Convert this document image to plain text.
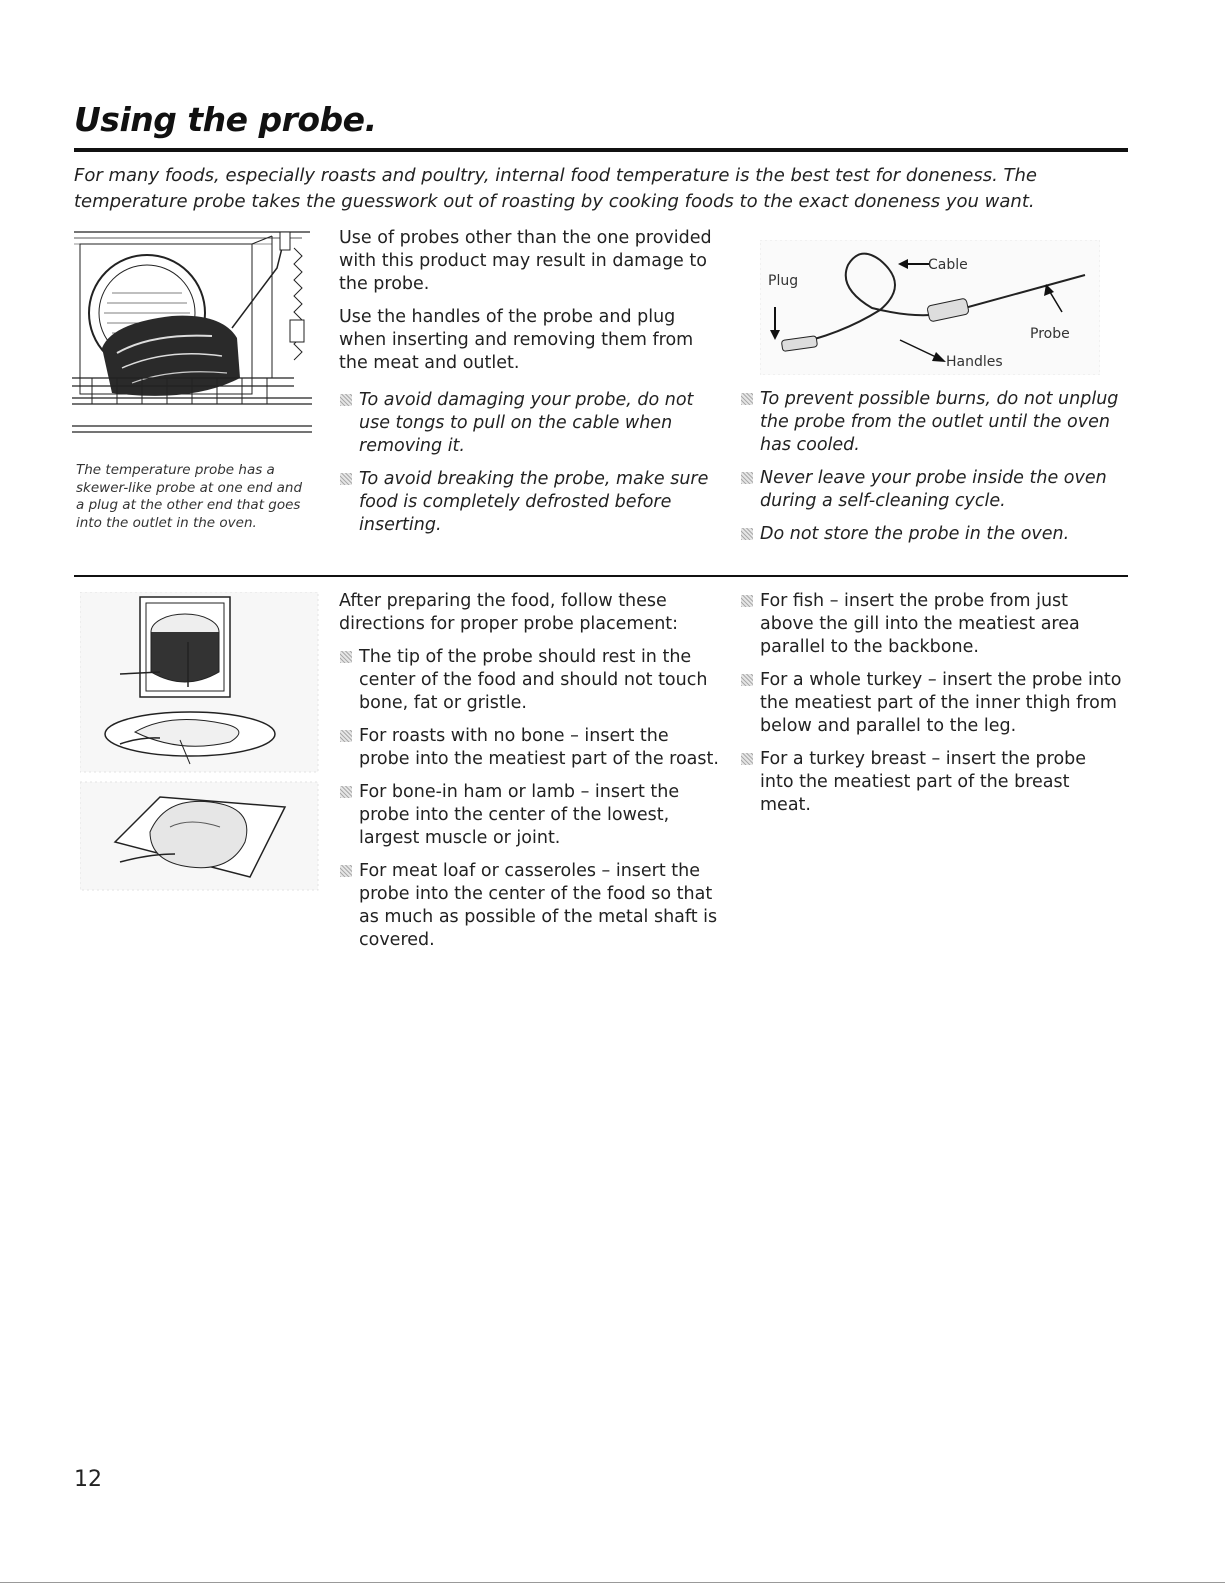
Using the probe.

For many foods, especially roasts and poultry, internal food temperature is the best test for doneness. The temperature probe takes the guesswork out of roasting by cooking foods to the exact doneness you want.

The temperature probe has a skewer-like probe at one end and a plug at the other end that goes into the outlet in the oven.

Use of probes other than the one provided with this product may result in damage to the probe.

Use the handles of the probe and plug when inserting and removing them from the meat and outlet.

To avoid damaging your probe, do not use tongs to pull on the cable when removing it.
To avoid breaking the probe, make sure food is completely defrosted before inserting.
Plug
Cable
Probe
Handles
To prevent possible burns, do not unplug the probe from the outlet until the oven has cooled.
Never leave your probe inside the oven during a self-cleaning cycle.
Do not store the probe in the oven.

After preparing the food, follow these directions for proper probe placement:

The tip of the probe should rest in the center of the food and should not touch bone, fat or gristle.
For roasts with no bone – insert the probe into the meatiest part of the roast.
For bone-in ham or lamb – insert the probe into the center of the lowest, largest muscle or joint.
For meat loaf or casseroles – insert the probe into the center of the food so that as much as possible of the metal shaft is covered.
For fish – insert the probe from just above the gill into the meatiest area parallel to the backbone.
For a whole turkey – insert the probe into the meatiest part of the inner thigh from below and parallel to the leg.
For a turkey breast – insert the probe into the meatiest part of the breast meat.
12
